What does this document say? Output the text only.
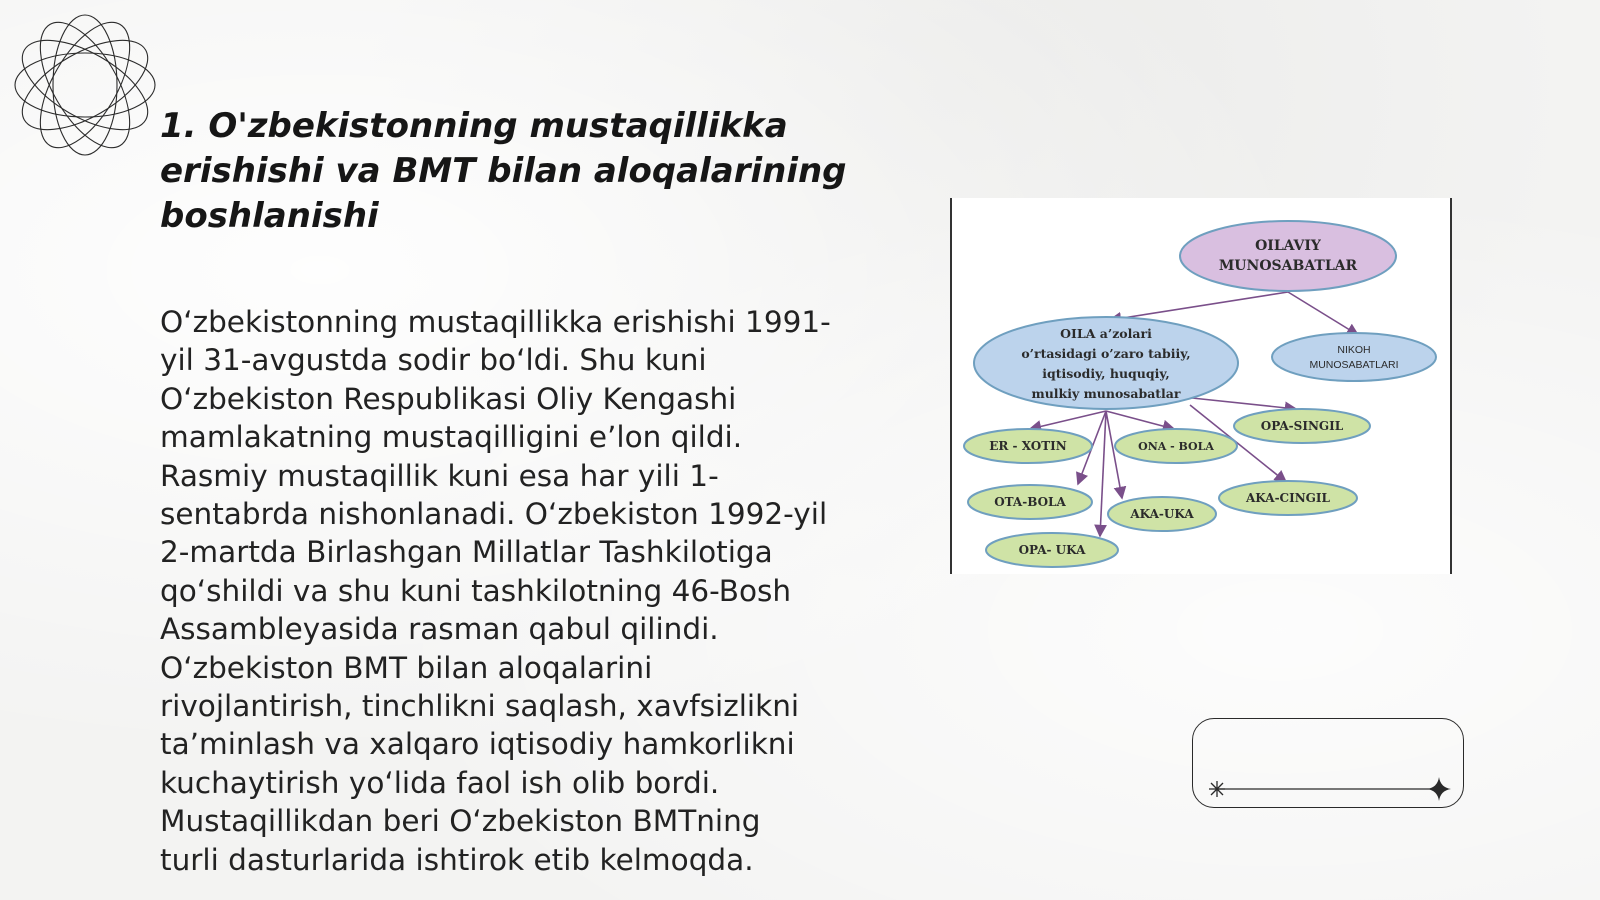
1. O'zbekistonning mustaqillikka erishishi va BMT bilan aloqalarining boshlanishi

O‘zbekistonning mustaqillikka erishishi 1991-
yil 31-avgustda sodir bo‘ldi. Shu kuni
O‘zbekiston Respublikasi Oliy Kengashi
mamlakatning mustaqilligini e’lon qildi.
Rasmiy mustaqillik kuni esa har yili 1-
sentabrda nishonlanadi. O‘zbekiston 1992-yil
2-martda Birlashgan Millatlar Tashkilotiga
qo‘shildi va shu kuni tashkilotning 46-Bosh
Assambleyasida rasman qabul qilindi.
O‘zbekiston BMT bilan aloqalarini
rivojlantirish, tinchlikni saqlash, xavfsizlikni
ta’minlash va xalqaro iqtisodiy hamkorlikni
kuchaytirish yo‘lida faol ish olib bordi.
Mustaqillikdan beri O‘zbekiston BMTning
turli dasturlarida ishtirok etib kelmoqda.

OILAVIY
MUNOSABATLAR
OILA a’zolari
o’rtasidagi o’zaro tabiiy,
iqtisodiy, huquqiy,
mulkiy munosabatlar
NIKOH
MUNOSABATLARI
ER - XOTIN	ONA - BOLA
OPA-SINGIL
OTA-BOLA
AKA-UKA
AKA-CINGIL
OPA- UKA
